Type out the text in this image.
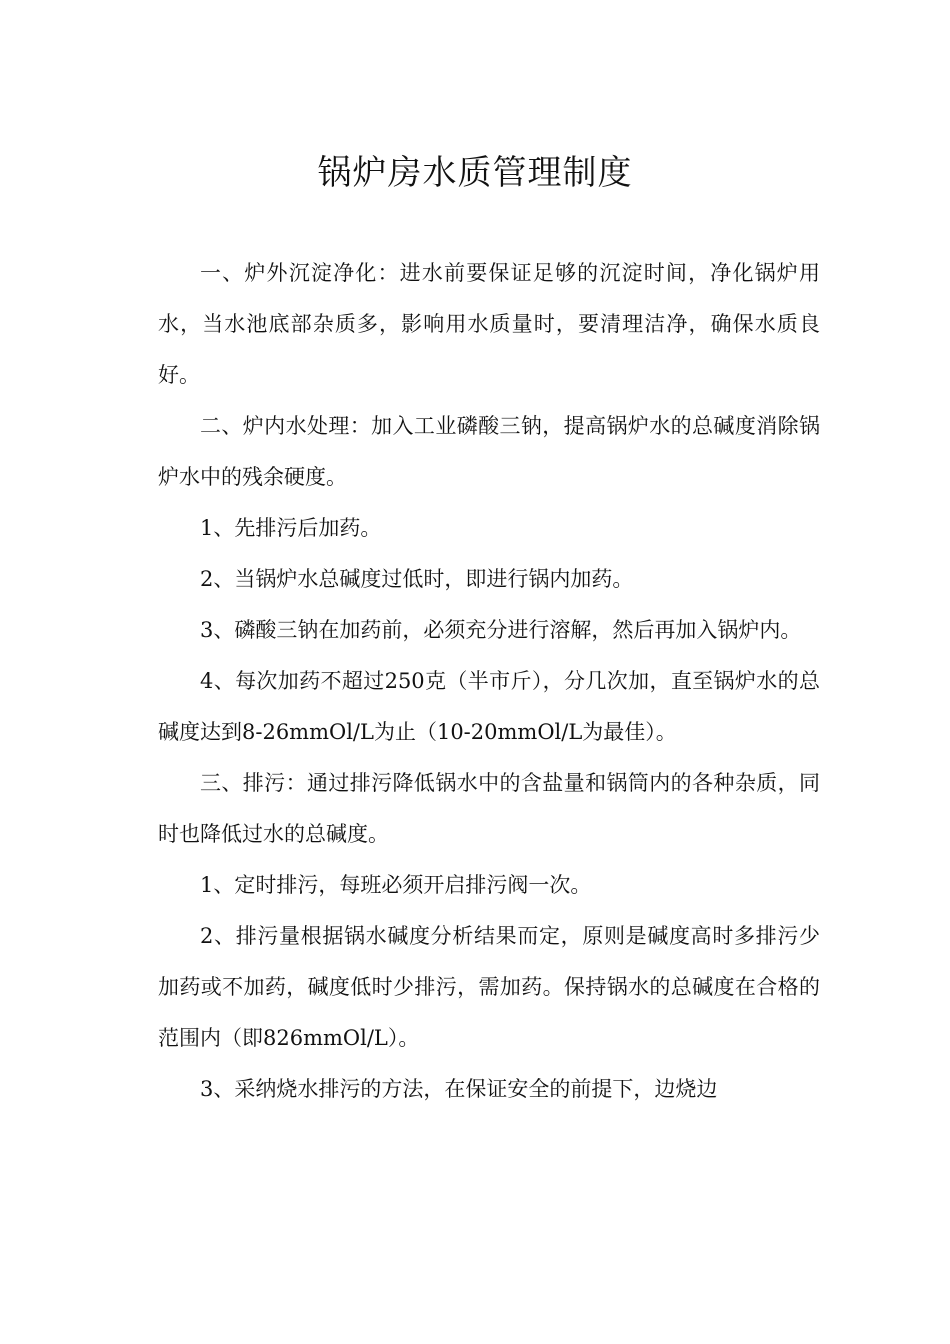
锅炉房水质管理制度

一、炉外沉淀净化：进水前要保证足够的沉淀时间，净化锅炉用水，当水池底部杂质多，影响用水质量时，要清理洁净，确保水质良好。

二、炉内水处理：加入工业磷酸三钠，提高锅炉水的总碱度消除锅炉水中的残余硬度。

1、先排污后加药。

2、当锅炉水总碱度过低时，即进行锅内加药。

3、磷酸三钠在加药前，必须充分进行溶解，然后再加入锅炉内。

4、每次加药不超过250克（半市斤），分几次加，直至锅炉水的总碱度达到8-26mmOl/L为止（10-20mmOl/L为最佳）。

三、排污：通过排污降低锅水中的含盐量和锅筒内的各种杂质，同时也降低过水的总碱度。

1、定时排污，每班必须开启排污阀一次。

2、排污量根据锅水碱度分析结果而定，原则是碱度高时多排污少加药或不加药，碱度低时少排污，需加药。保持锅水的总碱度在合格的范围内（即826mmOl/L）。

3、采纳烧水排污的方法，在保证安全的前提下，边烧边
